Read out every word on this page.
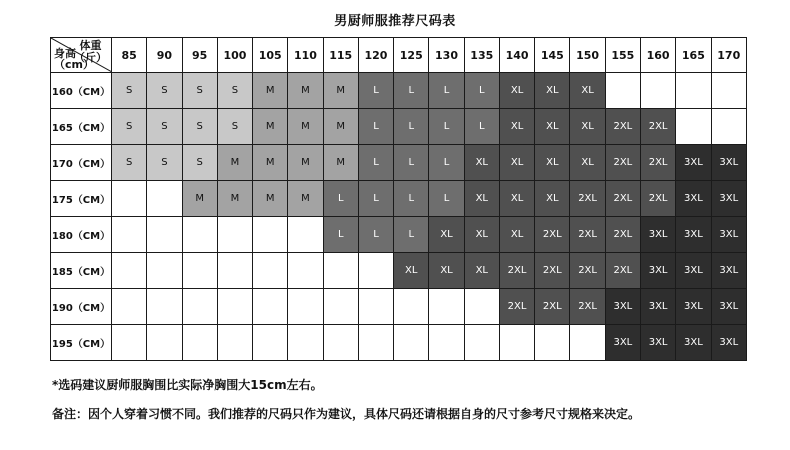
男厨师服推荐尺码表
体重
（斤）
身高
（cm）	85	90	95	100	105	110	115	120	125	130	135	140	145	150	155	160	165	170
160（CM）	S	S	S	S	M	M	M	L	L	L	L	XL	XL	XL				
165（CM）	S	S	S	S	M	M	M	L	L	L	L	XL	XL	XL	2XL	2XL		
170（CM）	S	S	S	M	M	M	M	L	L	L	XL	XL	XL	XL	2XL	2XL	3XL	3XL
175（CM）			M	M	M	M	L	L	L	L	XL	XL	XL	2XL	2XL	2XL	3XL	3XL
180（CM）							L	L	L	XL	XL	XL	2XL	2XL	2XL	3XL	3XL	3XL
185（CM）									XL	XL	XL	2XL	2XL	2XL	2XL	3XL	3XL	3XL
190（CM）												2XL	2XL	2XL	3XL	3XL	3XL	3XL
195（CM）															3XL	3XL	3XL	3XL
*选码建议厨师服胸围比实际净胸围大15cm左右。
备注：因个人穿着习惯不同。我们推荐的尺码只作为建议，具体尺码还请根据自身的尺寸参考尺寸规格来决定。
